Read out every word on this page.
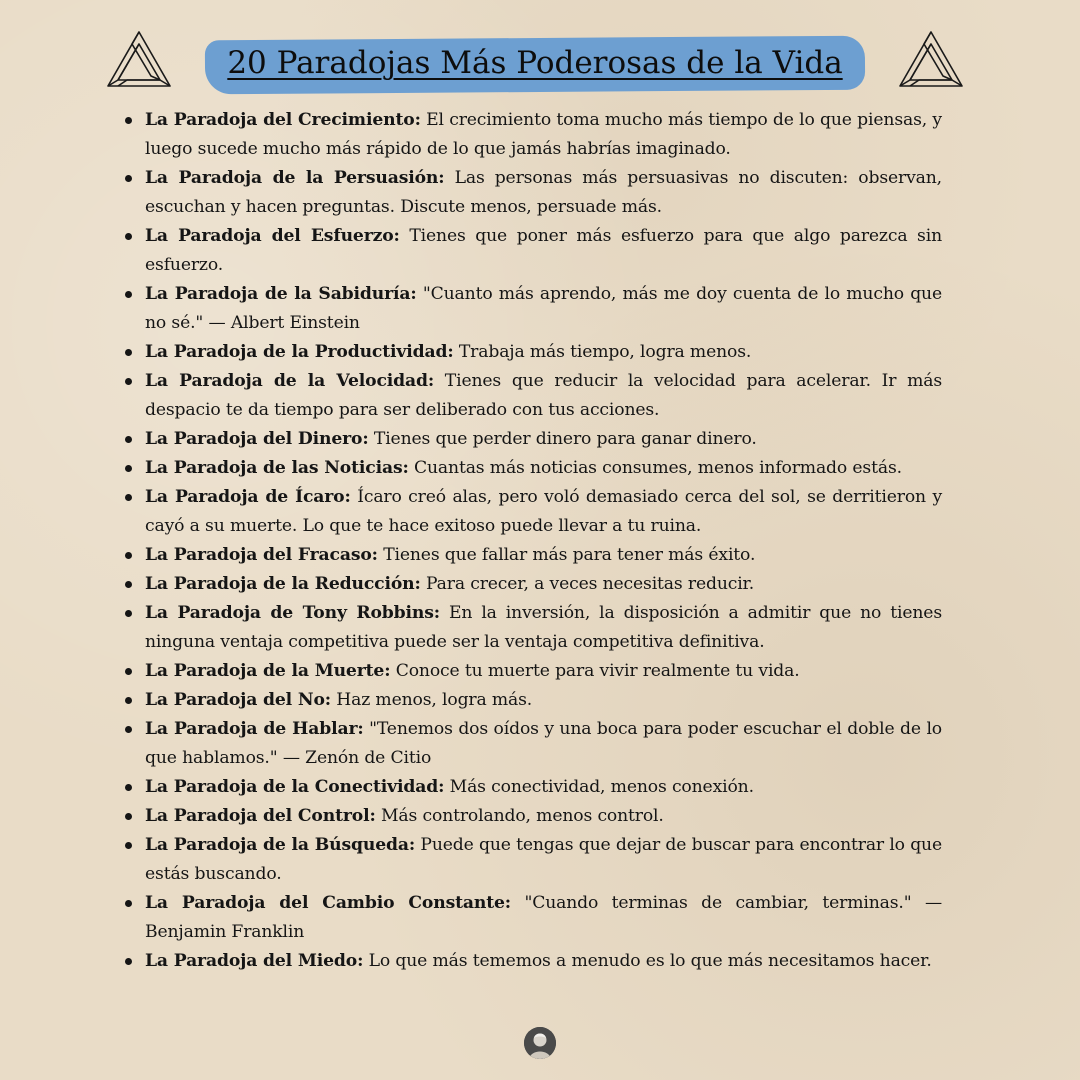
20 Paradojas Más Poderosas de la Vida
La Paradoja del Crecimiento: El crecimiento toma mucho más tiempo de lo que piensas, y luego sucede mucho más rápido de lo que jamás habrías imaginado.
La Paradoja de la Persuasión: Las personas más persuasivas no discuten: observan, escuchan y hacen preguntas. Discute menos, persuade más.
La Paradoja del Esfuerzo: Tienes que poner más esfuerzo para que algo parezca sin esfuerzo.
La Paradoja de la Sabiduría: "Cuanto más aprendo, más me doy cuenta de lo mucho que no sé." — Albert Einstein
La Paradoja de la Productividad: Trabaja más tiempo, logra menos.
La Paradoja de la Velocidad: Tienes que reducir la velocidad para acelerar. Ir más despacio te da tiempo para ser deliberado con tus acciones.
La Paradoja del Dinero: Tienes que perder dinero para ganar dinero.
La Paradoja de las Noticias: Cuantas más noticias consumes, menos informado estás.
La Paradoja de Ícaro: Ícaro creó alas, pero voló demasiado cerca del sol, se derritieron y cayó a su muerte. Lo que te hace exitoso puede llevar a tu ruina.
La Paradoja del Fracaso: Tienes que fallar más para tener más éxito.
La Paradoja de la Reducción: Para crecer, a veces necesitas reducir.
La Paradoja de Tony Robbins: En la inversión, la disposición a admitir que no tienes ninguna ventaja competitiva puede ser la ventaja competitiva definitiva.
La Paradoja de la Muerte: Conoce tu muerte para vivir realmente tu vida.
La Paradoja del No: Haz menos, logra más.
La Paradoja de Hablar: "Tenemos dos oídos y una boca para poder escuchar el doble de lo que hablamos." — Zenón de Citio
La Paradoja de la Conectividad: Más conectividad, menos conexión.
La Paradoja del Control: Más controlando, menos control.
La Paradoja de la Búsqueda: Puede que tengas que dejar de buscar para encontrar lo que estás buscando.
La Paradoja del Cambio Constante: "Cuando terminas de cambiar, terminas." — Benjamin Franklin
La Paradoja del Miedo: Lo que más tememos a menudo es lo que más necesitamos hacer.
